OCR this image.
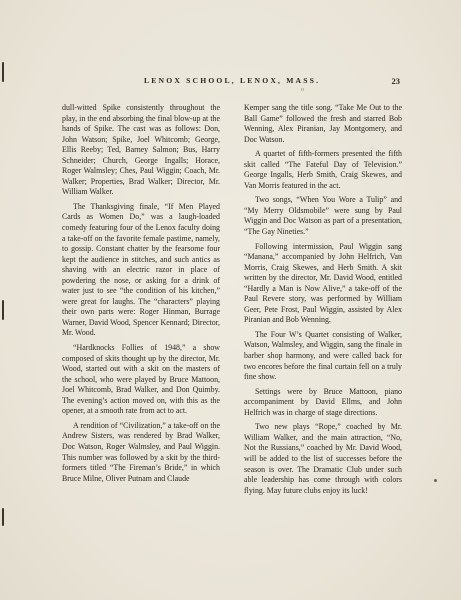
LENOX SCHOOL, LENOX, MASS.
o
23

dull-witted Spike consistently throughout the play, in the end absorbing the final blow-up at the hands of Spike. The cast was as follows: Don, John Watson; Spike, Joel Whitcomb; George, Ellis Reeby; Ted, Barney Salmon; Bus, Harry Schneider; Church, George Ingalls; Horace, Roger Walmsley; Ches, Paul Wiggin; Coach, Mr. Walker; Properties, Brad Walker; Director, Mr. William Walker.

The Thanksgiving finale, “If Men Played Cards as Women Do,” was a laugh-loaded comedy featuring four of the Lenox faculty doing a take-off on the favorite female pastime, namely, to gossip. Constant chatter by the fearsome four kept the audience in stitches, and such antics as shaving with an electric razor in place of powdering the nose, or asking for a drink of water just to see “the condition of his kitchen,” were great for laughs. The “characters” playing their own parts were: Roger Hinman, Burrage Warner, David Wood, Spencer Kennard; Director, Mr. Wood.

“Hardknocks Follies of 1948,” a show composed of skits thought up by the director, Mr. Wood, started out with a skit on the masters of the school, who were played by Bruce Mattoon, Joel Whitcomb, Brad Walker, and Don Quimby. The evening’s action moved on, with this as the opener, at a smooth rate from act to act.

A rendition of “Civilization,” a take-off on the Andrew Sisters, was rendered by Brad Walker, Doc Watson, Roger Walmsley, and Paul Wiggin. This number was followed by a skit by the third-formers titled “The Fireman’s Bride,” in which Bruce Milne, Oliver Putnam and Claude

Kemper sang the title song. “Take Me Out to the Ball Game” followed the fresh and starred Bob Wenning, Alex Piranian, Jay Montgomery, and Doc Watson.

A quartet of fifth-formers presented the fifth skit called “The Fateful Day of Television.” George Ingalls, Herb Smith, Craig Skewes, and Van Morris featured in the act.

Two songs, “When You Wore a Tulip” and “My Merry Oldsmobile” were sung by Paul Wiggin and Doc Watson as part of a presentation, “The Gay Nineties.”

Following intermission, Paul Wiggin sang “Manana,” accompanied by John Helfrich, Van Morris, Craig Skewes, and Herb Smith. A skit written by the director, Mr. David Wood, entitled “Hardly a Man is Now Alive,” a take-off of the Paul Revere story, was performed by William Geer, Pete Frost, Paul Wiggin, assisted by Alex Piranian and Bob Wenning.

The Four W’s Quartet consisting of Walker, Watson, Walmsley, and Wiggin, sang the finale in barber shop harmony, and were called back for two encores before the final curtain fell on a truly fine show.

Settings were by Bruce Mattoon, piano accompaniment by David Ellms, and John Helfrich was in charge of stage directions.

Two new plays “Rope,” coached by Mr. William Walker, and the main attraction, “No, Not the Russians,” coached by Mr. David Wood, will be added to the list of successes before the season is over. The Dramatic Club under such able leadership has come through with colors flying. May future clubs enjoy its luck!
